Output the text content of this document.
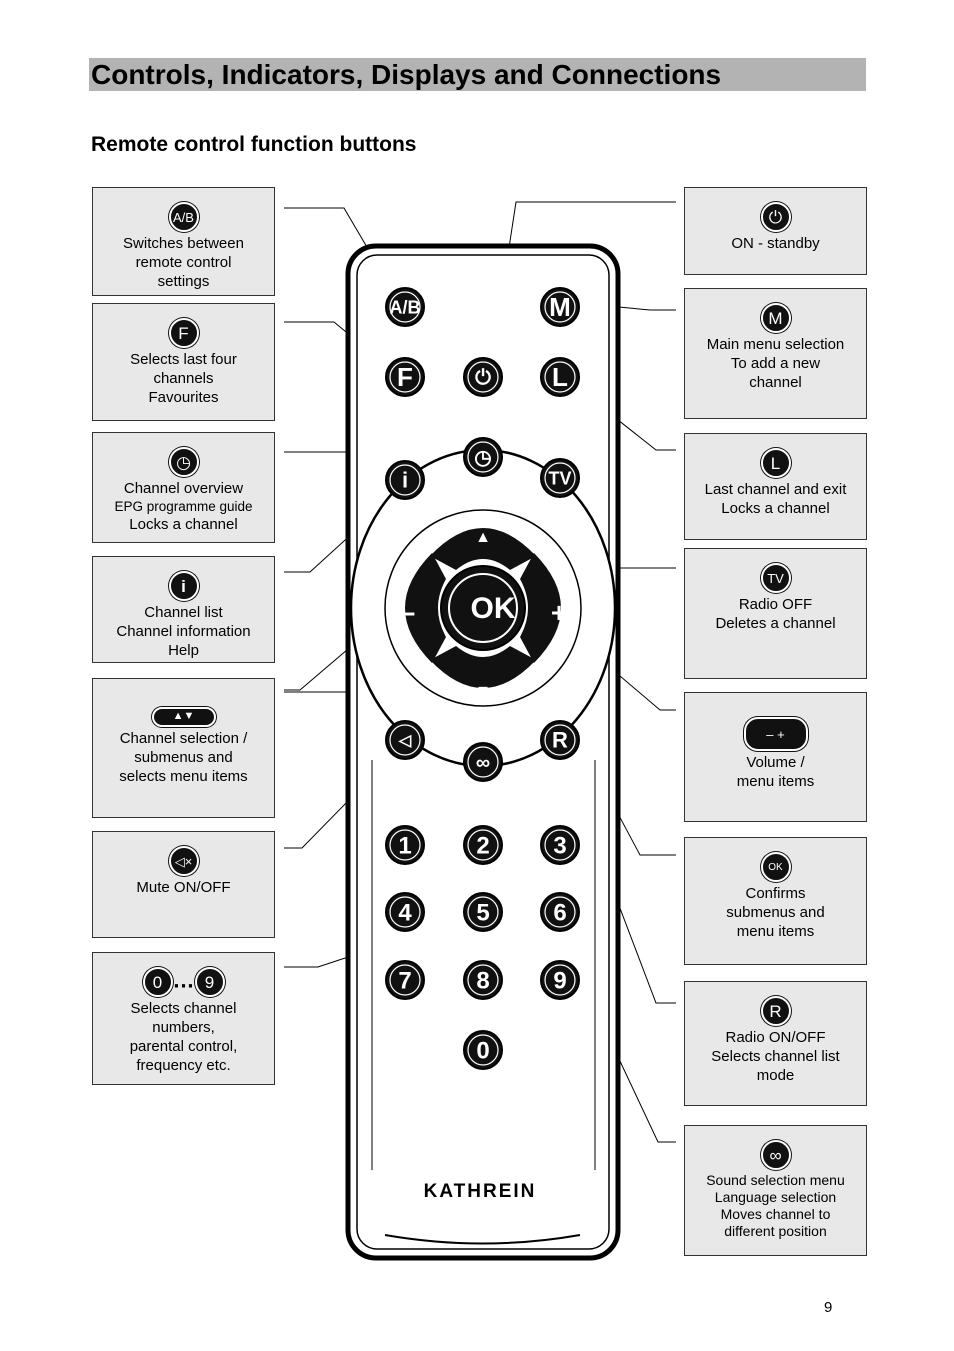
Controls, Indicators, Displays and Connections
Remote control function buttons
OK
–	+
▲
▼
A/B	M
F	⏻ L
◷
i	TV
R
◁
∞
1	2	3
4	5	6
7	8	9
0
KATHREIN
A/B
Switches between
remote control
settings
F
Selects last four
channels
Favourites
◷
Channel overview
EPG programme guide
Locks a channel
i
Channel list
Channel information
Help
▲▼
Channel selection /
submenus and
selects menu items
◁×
Mute ON/OFF
0 … 9
Selects channel
numbers,
parental control,
frequency etc.
⏻
ON - standby
M
Main menu selection
To add a new
channel
L
Last channel and exit
Locks a channel
TV
Radio OFF
Deletes a channel
– +
Volume /
menu items
OK
Confirms
submenus and
menu items
R
Radio ON/OFF
Selects channel list
mode
∞
Sound selection menu
Language selection
Moves channel to
different position
9
